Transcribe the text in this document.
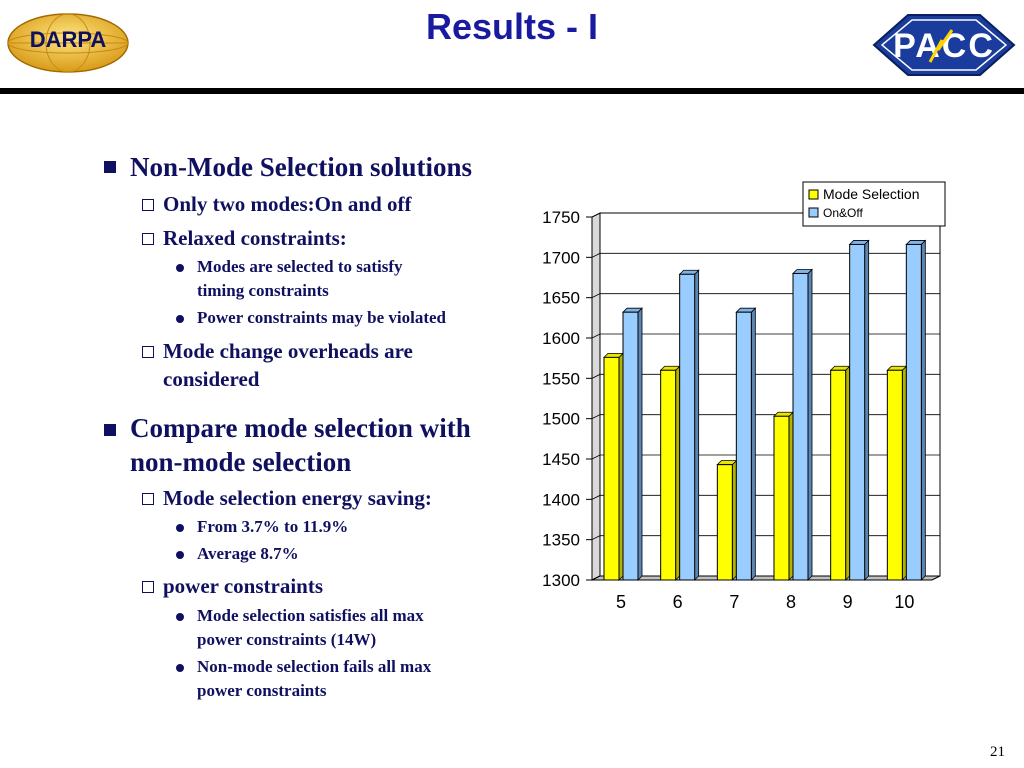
Results - I
DARPA	PACC
Non-Mode Selection solutions
Only two modes:On and off
Relaxed constraints:
Modes are selected to satisfy
timing constraints
Power constraints may be violated
Mode change overheads are
considered
Compare mode selection with
non-mode selection
Mode selection energy saving:
From 3.7% to 11.9%
Average 8.7%
power constraints
Mode selection satisfies all max
power constraints (14W)
Non-mode selection fails all max
power constraints
1300
1350
1400
1450
1500
1550
1600
1650
1700
1750
5	6	7	8	9 10
Mode Selection
On&Off
21
